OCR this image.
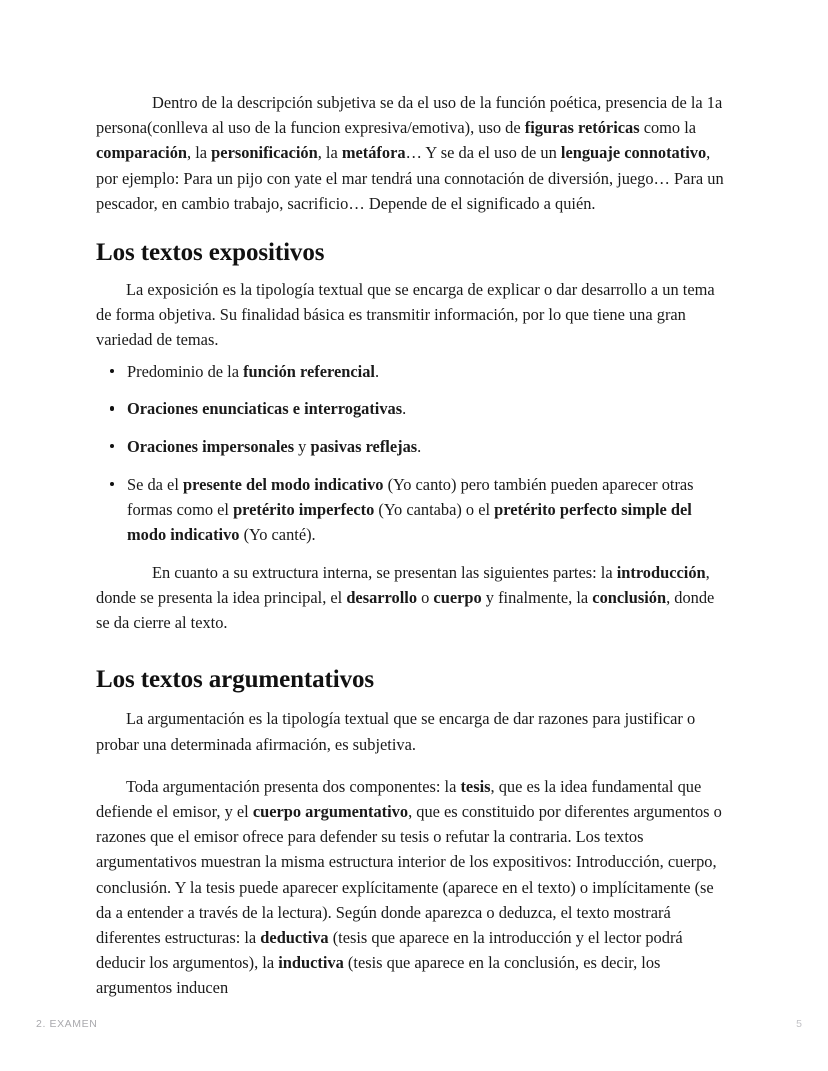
Dentro de la descripción subjetiva se da el uso de la función poética, presencia de la 1a persona(conlleva al uso de la funcion expresiva/emotiva), uso de figuras retóricas como la comparación, la personificación, la metáfora… Y se da el uso de un lenguaje connotativo, por ejemplo: Para un pijo con yate el mar tendrá una connotación de diversión, juego… Para un pescador, en cambio trabajo, sacrificio… Depende de el significado a quién.

Los textos expositivos

La exposición es la tipología textual que se encarga de explicar o dar desarrollo a un tema de forma objetiva. Su finalidad básica es transmitir información, por lo que tiene una gran variedad de temas.

Predominio de la función referencial.
Oraciones enunciaticas e interrogativas.
Oraciones impersonales y pasivas reflejas.
Se da el presente del modo indicativo (Yo canto) pero también pueden aparecer otras formas como el pretérito imperfecto (Yo cantaba) o el pretérito perfecto simple del modo indicativo (Yo canté).

En cuanto a su extructura interna, se presentan las siguientes partes: la introducción, donde se presenta la idea principal, el desarrollo o cuerpo y finalmente, la conclusión, donde se da cierre al texto.

Los textos argumentativos

La argumentación es la tipología textual que se encarga de dar razones para justificar o probar una determinada afirmación, es subjetiva.

Toda argumentación presenta dos componentes: la tesis, que es la idea fundamental que defiende el emisor, y el cuerpo argumentativo, que es constituido por diferentes argumentos o razones que el emisor ofrece para defender su tesis o refutar la contraria. Los textos argumentativos muestran la misma estructura interior de los expositivos: Introducción, cuerpo, conclusión. Y la tesis puede aparecer explícitamente (aparece en el texto) o implícitamente (se da a entender a través de la lectura). Según donde aparezca o deduzca, el texto mostrará diferentes estructuras: la deductiva (tesis que aparece en la introducción y el lector podrá deducir los argumentos), la inductiva (tesis que aparece en la conclusión, es decir, los argumentos inducen

2. EXAMEN	5
